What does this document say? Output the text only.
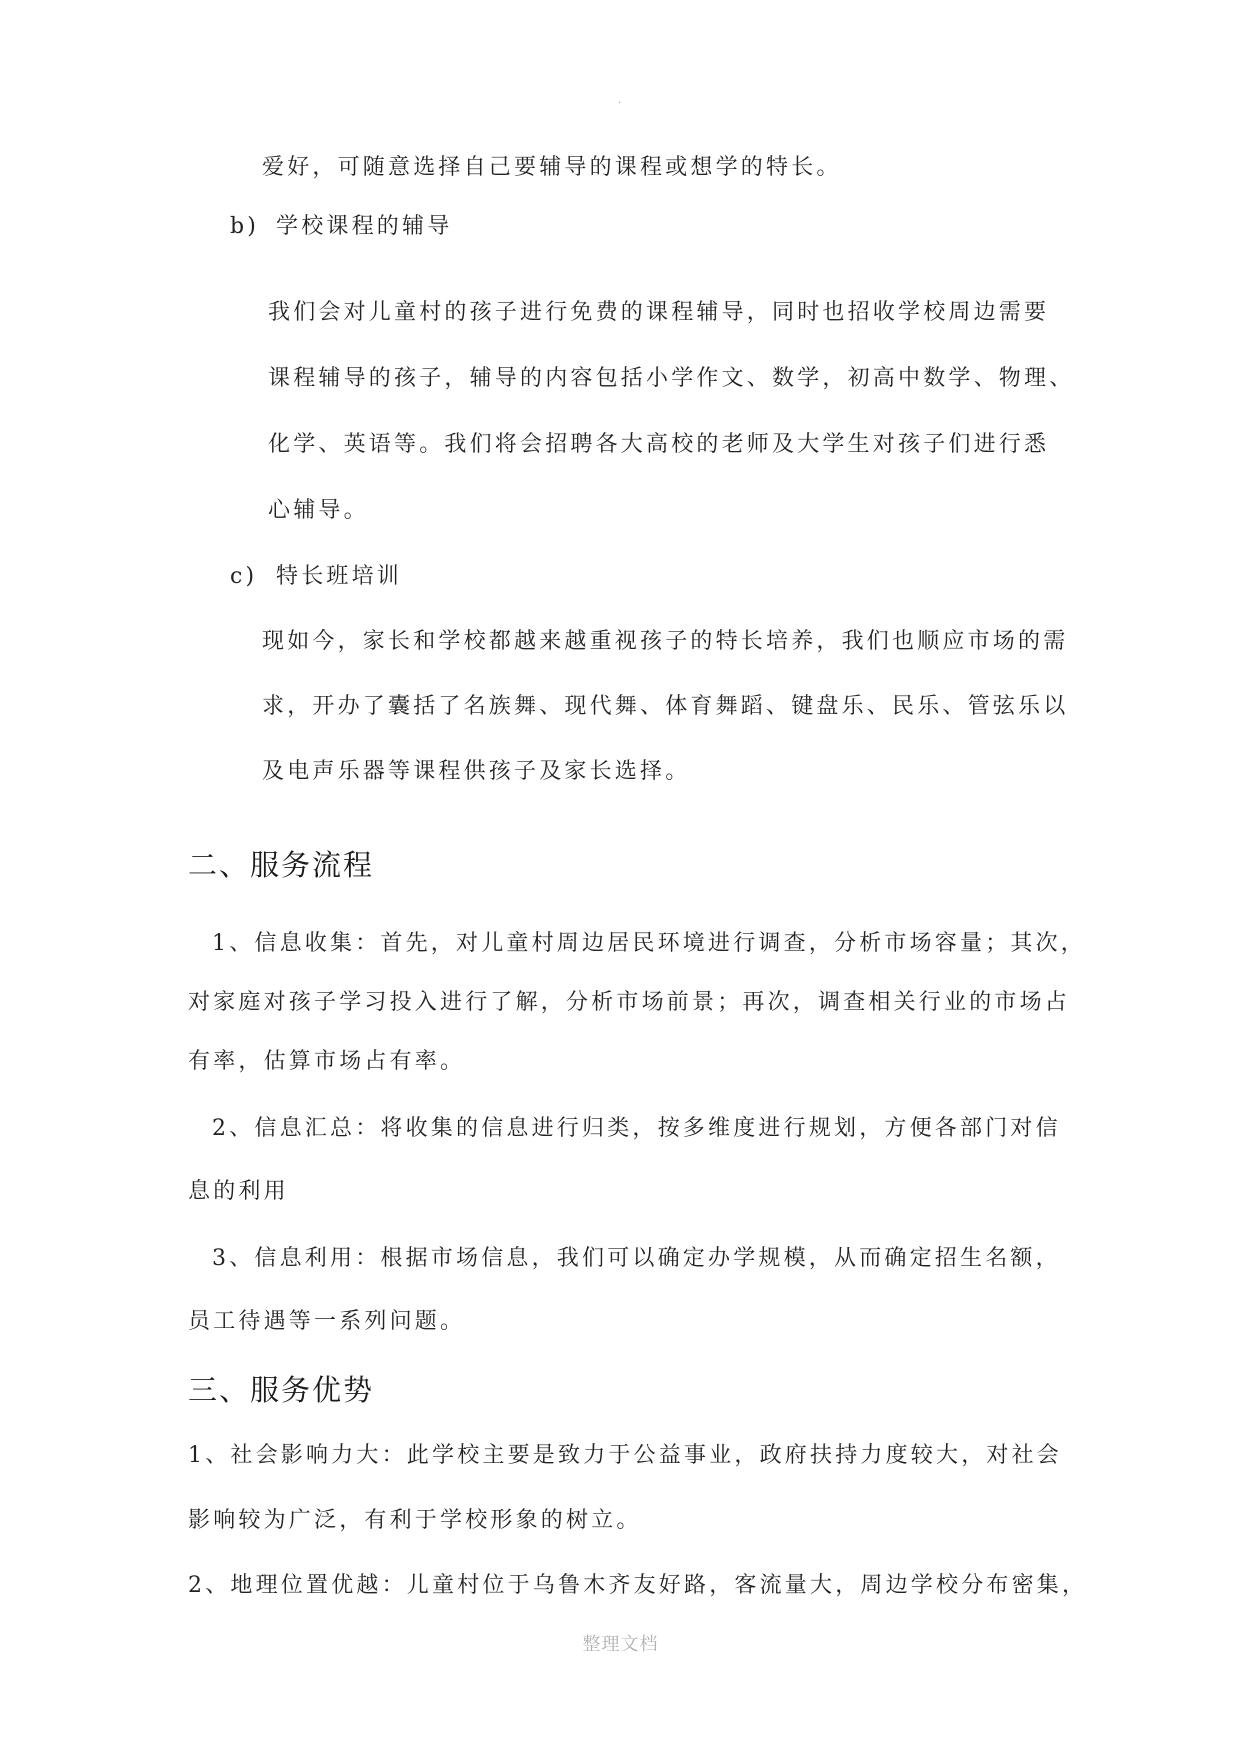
.
爱好，可随意选择自己要辅导的课程或想学的特长。
b) 学校课程的辅导
我们会对儿童村的孩子进行免费的课程辅导，同时也招收学校周边需要
课程辅导的孩子，辅导的内容包括小学作文、数学，初高中数学、物理、
化学、英语等。我们将会招聘各大高校的老师及大学生对孩子们进行悉
心辅导。
c) 特长班培训
现如今，家长和学校都越来越重视孩子的特长培养，我们也顺应市场的需
求，开办了囊括了名族舞、现代舞、体育舞蹈、键盘乐、民乐、管弦乐以
及电声乐器等课程供孩子及家长选择。
二、服务流程
1、信息收集：首先，对儿童村周边居民环境进行调查，分析市场容量；其次，
对家庭对孩子学习投入进行了解，分析市场前景；再次，调查相关行业的市场占
有率，估算市场占有率。
2、信息汇总：将收集的信息进行归类，按多维度进行规划，方便各部门对信
息的利用
3、信息利用：根据市场信息，我们可以确定办学规模，从而确定招生名额，
员工待遇等一系列问题。
三、服务优势
1、社会影响力大：此学校主要是致力于公益事业，政府扶持力度较大，对社会
影响较为广泛，有利于学校形象的树立。
2、地理位置优越：儿童村位于乌鲁木齐友好路，客流量大，周边学校分布密集，
整理文档
